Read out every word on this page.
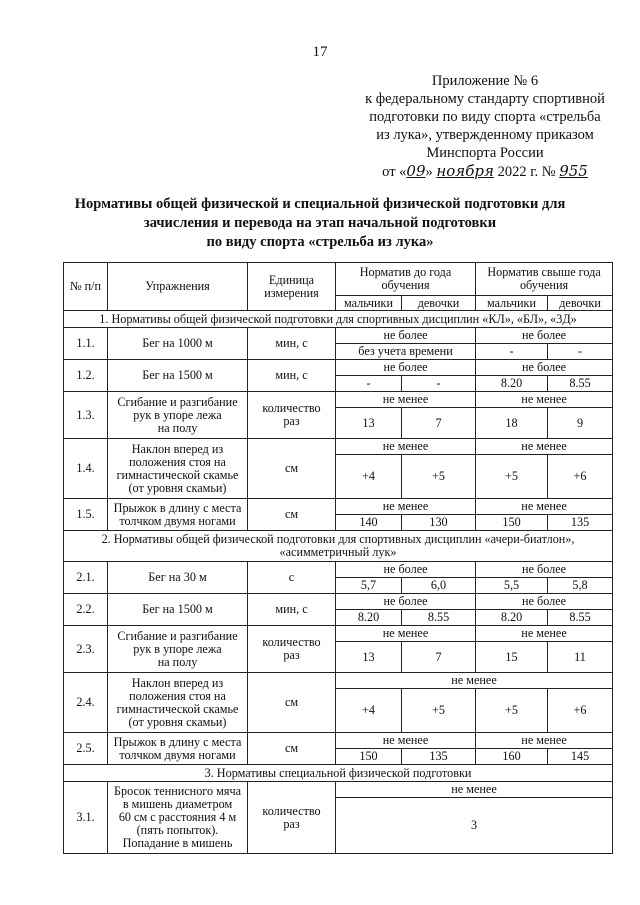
17
Приложение № 6
к федеральному стандарту спортивной
подготовки по виду спорта «стрельба
из лука», утвержденному приказом
Минспорта России
от «09» ноября 2022 г. № 955
Нормативы общей физической и специальной физической подготовки для
зачисления и перевода на этап начальной подготовки
по виду спорта «стрельба из лука»
№ п/п	Упражнения	Единица измерения	Норматив до года обучения		Норматив свыше года обучения	
			мальчики	девочки	мальчики	девочки
1. Нормативы общей физической подготовки для спортивных дисциплин «КЛ», «БЛ», «3Д»						
1.1.	Бег на 1000 м	мин, с	не более		не более	
			без учета времени		-	-
1.2.	Бег на 1500 м	мин, с	не более		не более	
			-	-	8.20	8.55
1.3.	Сгибание и разгибание
рук в упоре лежа
на полу	количество
раз	не менее		не менее	
			13	7	18	9
1.4.	Наклон вперед из
положения стоя на
гимнастической скамье
(от уровня скамьи)	см	не менее		не менее	
			+4	+5	+5	+6
1.5.	Прыжок в длину с места
толчком двумя ногами	см	не менее		не менее	
			140	130	150	135

2. Нормативы общей физической подготовки для спортивных дисциплин «ачери-биатлон»,
«асимметричный лук»						

2.1.	Бег на 30 м	с	не более		не более	
			5,7	6,0	5,5	5,8
2.2.	Бег на 1500 м	мин, с	не более		не более	
			8.20	8.55	8.20	8.55
2.3.	Сгибание и разгибание
рук в упоре лежа
на полу	количество
раз	не менее		не менее	
			13	7	15	11
2.4.	Наклон вперед из
положения стоя на
гимнастической скамье
(от уровня скамьи)	см	не менее			
			+4	+5	+5	+6
2.5.	Прыжок в длину с места
толчком двумя ногами	см	не менее		не менее	
			150	135	160	145
3. Нормативы специальной физической подготовки						
3.1.	Бросок теннисного мяча
в мишень диаметром
60 см с расстояния 4 м
(пять попыток).
Попадание в мишень	количество
раз	не менее			
			3			
